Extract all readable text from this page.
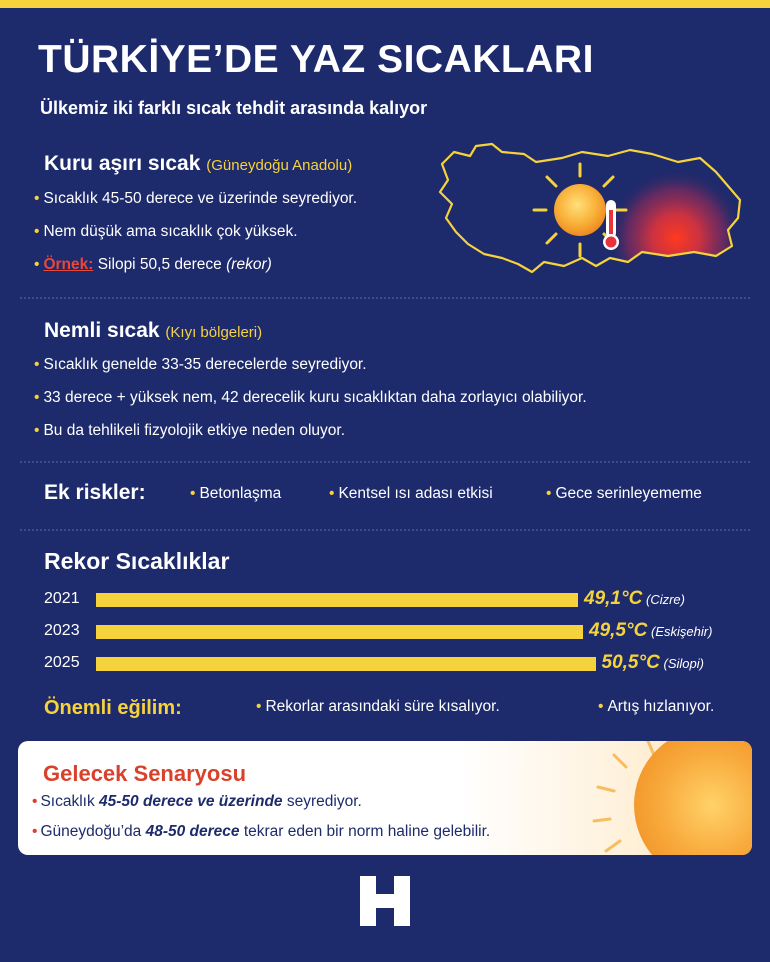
TÜRKİYE’DE YAZ SICAKLARI
Ülkemiz iki farklı sıcak tehdit arasında kalıyor
Kuru aşırı sıcak (Güneydoğu Anadolu)
• Sıcaklık 45-50 derece ve üzerinde seyrediyor.
• Nem düşük ama sıcaklık çok yüksek.
• Örnek: Silopi 50,5 derece (rekor)
Nemli sıcak (Kıyı bölgeleri)
• Sıcaklık genelde 33-35 derecelerde seyrediyor.
• 33 derece + yüksek nem, 42 derecelik kuru sıcaklıktan daha zorlayıcı olabiliyor.
• Bu da tehlikeli fizyolojik etkiye neden oluyor.
Ek riskler:	• Betonlaşma	• Kentsel ısı adası etkisi	• Gece serinleyememe
Rekor Sıcaklıklar
2021	49,1°C (Cizre)
2023	49,5°C (Eskişehir)
2025	50,5°C (Silopi)
Önemli eğilim:	• Rekorlar arasındaki süre kısalıyor.	• Artış hızlanıyor.
Gelecek Senaryosu
• Sıcaklık 45-50 derece ve üzerinde seyrediyor.
• Güneydoğu’da 48-50 derece tekrar eden bir norm haline gelebilir.
